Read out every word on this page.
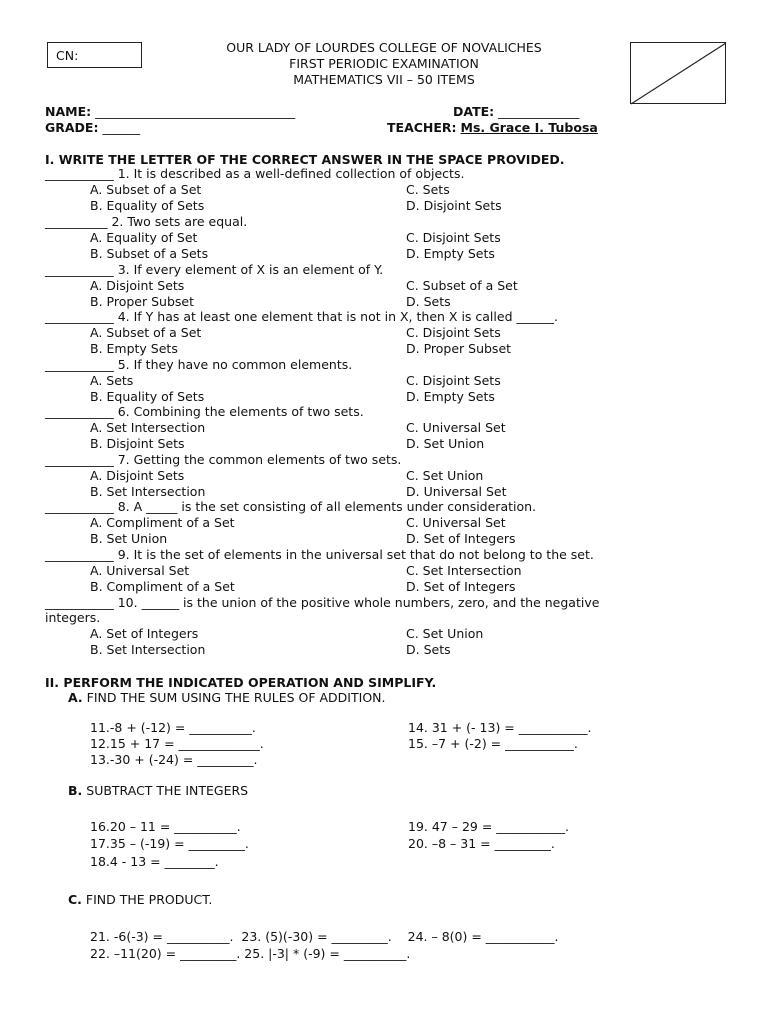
CN:
OUR LADY OF LOURDES COLLEGE OF NOVALICHES
FIRST PERIODIC EXAMINATION
MATHEMATICS VII – 50 ITEMS
NAME: ________________________________	DATE: _____________
GRADE: ______	TEACHER: Ms. Grace I. Tubosa
I. WRITE THE LETTER OF THE CORRECT ANSWER IN THE SPACE PROVIDED.
___________ 1. It is described as a well-defined collection of objects.
A. Subset of a Set	C. Sets
B. Equality of Sets	D. Disjoint Sets
__________ 2. Two sets are equal.
A. Equality of Set	C. Disjoint Sets
B. Subset of a Sets	D. Empty Sets
___________ 3. If every element of X is an element of Y.
A. Disjoint Sets	C. Subset of a Set
B. Proper Subset	D. Sets
___________ 4. If Y has at least one element that is not in X, then X is called ______.
A. Subset of a Set	C. Disjoint Sets
B. Empty Sets	D. Proper Subset
___________ 5. If they have no common elements.
A. Sets	C. Disjoint Sets
B. Equality of Sets	D. Empty Sets
___________ 6. Combining the elements of two sets.
A. Set Intersection	C. Universal Set
B. Disjoint Sets	D. Set Union
___________ 7. Getting the common elements of two sets.
A. Disjoint Sets	C. Set Union
B. Set Intersection	D. Universal Set
___________ 8. A _____ is the set consisting of all elements under consideration.
A. Compliment of a Set	C. Universal Set
B. Set Union	D. Set of Integers
___________ 9. It is the set of elements in the universal set that do not belong to the set.
A. Universal Set	C. Set Intersection
B. Compliment of a Set	D. Set of Integers
___________ 10. ______ is the union of the positive whole numbers, zero, and the negative
integers.
A. Set of Integers	C. Set Union
B. Set Intersection	D. Sets
II. PERFORM THE INDICATED OPERATION AND SIMPLIFY.
A. FIND THE SUM USING THE RULES OF ADDITION.
11.-8 + (-12) = __________.
12.15 + 17 = _____________.
13.-30 + (-24) = _________.
14. 31 + (- 13) = ___________.
15. –7 + (-2) = ___________.
B. SUBTRACT THE INTEGERS
16.20 – 11 = __________.
17.35 – (-19) = _________.
18.4 - 13 = ________.
19. 47 – 29 = ___________.
20. –8 – 31 = _________.
C. FIND THE PRODUCT.
21. -6(-3) = __________.  23. (5)(-30) = _________.    24. – 8(0) = ___________.
22. –11(20) = _________. 25. |-3| * (-9) = __________.
